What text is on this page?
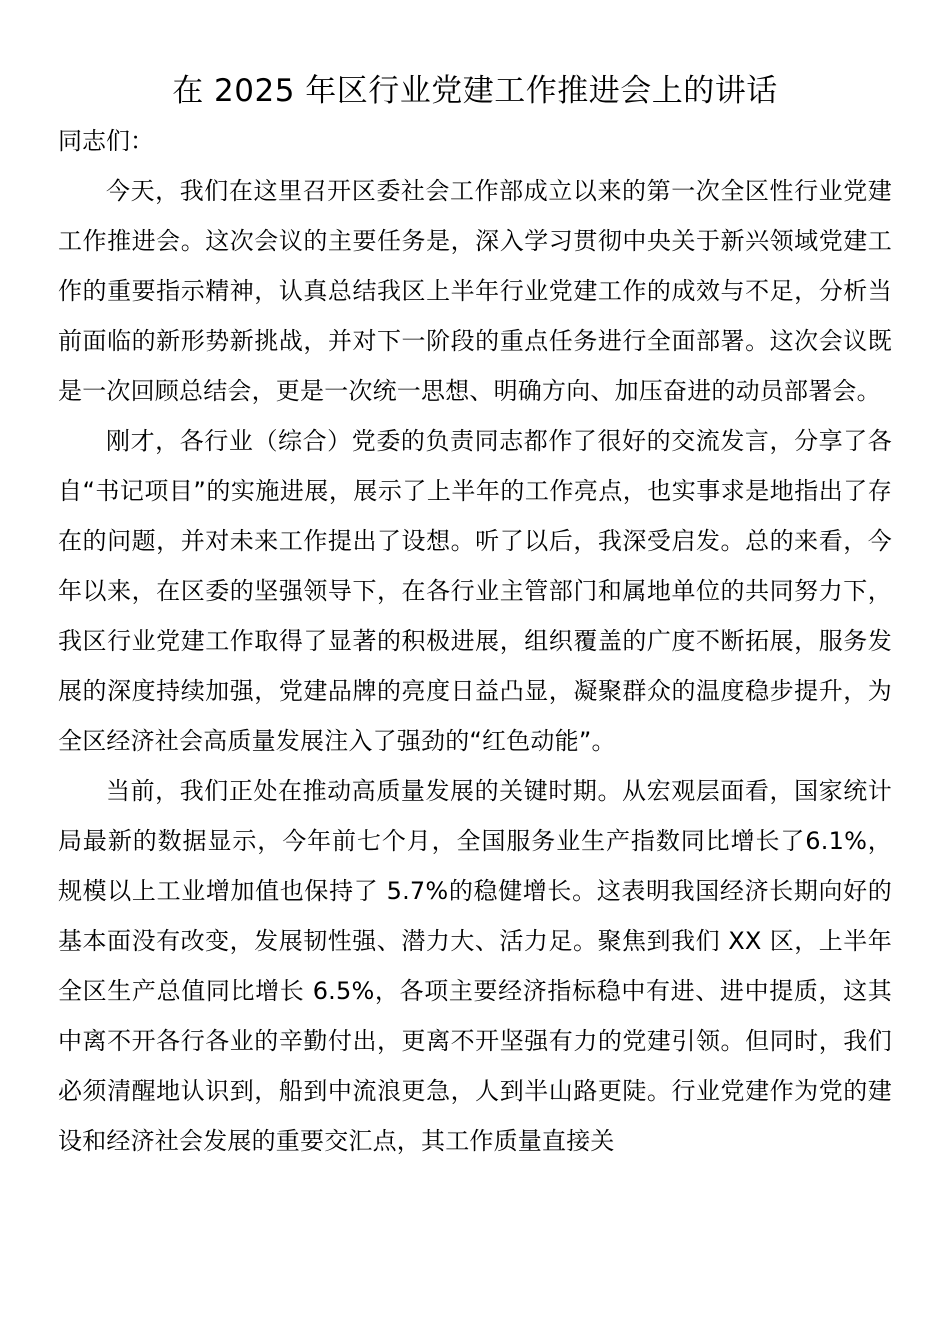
在 2025 年区行业党建工作推进会上的讲话

同志们：

今天，我们在这里召开区委社会工作部成立以来的第一次全区性行业党建工作推进会。这次会议的主要任务是，深入学习贯彻中央关于新兴领域党建工作的重要指示精神，认真总结我区上半年行业党建工作的成效与不足，分析当前面临的新形势新挑战，并对下一阶段的重点任务进行全面部署。这次会议既是一次回顾总结会，更是一次统一思想、明确方向、加压奋进的动员部署会。

刚才，各行业（综合）党委的负责同志都作了很好的交流发言，分享了各自“书记项目”的实施进展，展示了上半年的工作亮点，也实事求是地指出了存在的问题，并对未来工作提出了设想。听了以后，我深受启发。总的来看，今年以来，在区委的坚强领导下，在各行业主管部门和属地单位的共同努力下，我区行业党建工作取得了显著的积极进展，组织覆盖的广度不断拓展，服务发展的深度持续加强，党建品牌的亮度日益凸显，凝聚群众的温度稳步提升，为全区经济社会高质量发展注入了强劲的“红色动能”。

当前，我们正处在推动高质量发展的关键时期。从宏观层面看，国家统计局最新的数据显示，今年前七个月，全国服务业生产指数同比增长了6.1%，规模以上工业增加值也保持了 5.7%的稳健增长。这表明我国经济长期向好的基本面没有改变，发展韧性强、潜力大、活力足。聚焦到我们 XX 区，上半年全区生产总值同比增长 6.5%，各项主要经济指标稳中有进、进中提质，这其中离不开各行各业的辛勤付出，更离不开坚强有力的党建引领。但同时，我们必须清醒地认识到，船到中流浪更急，人到半山路更陡。行业党建作为党的建设和经济社会发展的重要交汇点，其工作质量直接关
